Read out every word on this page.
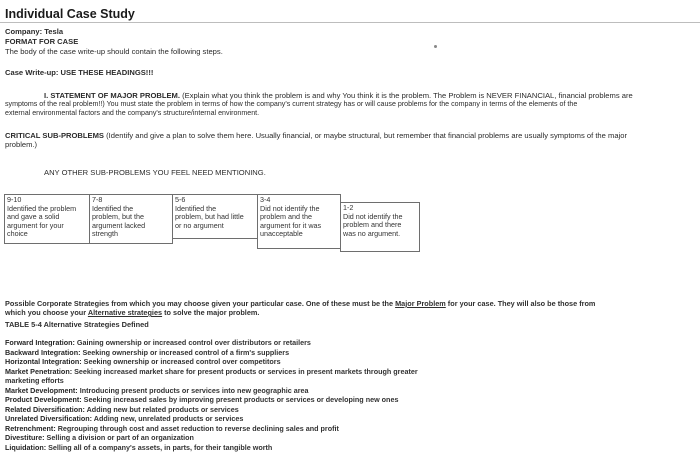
Individual Case Study
Company: Tesla
FORMAT FOR CASE
The body of the case write-up should contain the following steps.
Case Write-up: USE THESE HEADINGS!!!
I. STATEMENT OF MAJOR PROBLEM. (Explain what you think the problem is and why You think it is the problem. The Problem is NEVER FINANCIAL, financial problems are
symptoms of the real problem!!) You must state the problem in terms of how the company's current strategy has or will cause problems for the company in terms of the elements of the
external environmental factors and the company's structure/internal environment.
CRITICAL SUB-PROBLEMS (Identify and give a plan to solve them here. Usually financial, or maybe structural, but remember that financial problems are usually symptoms of the major
problem.)
ANY OTHER SUB-PROBLEMS YOU FEEL NEED MENTIONING.
9-10
Identified the problem
and gave a solid
argument for your
choice
7-8
Identified the
problem, but the
argument lacked
strength
5-6
Identified the
problem, but had little
or no argument
3-4
Did not identify the
problem and the
argument for it was
unacceptable
1-2
Did not identify the
problem and there
was no argument.
Possible Corporate Strategies from which you may choose given your particular case. One of these must be the Major Problem for your case. They will also be those from
which you choose your Alternative strategies to solve the major problem.
TABLE 5-4 Alternative Strategies Defined
Forward Integration: Gaining ownership or increased control over distributors or retailers
Backward Integration: Seeking ownership or increased control of a firm's suppliers
Horizontal Integration: Seeking ownership or increased control over competitors
Market Penetration: Seeking increased market share for present products or services in present markets through greater
marketing efforts
Market Development: Introducing present products or services into new geographic area
Product Development: Seeking increased sales by improving present products or services or developing new ones
Related Diversification: Adding new but related products or services
Unrelated Diversification: Adding new, unrelated products or services
Retrenchment: Regrouping through cost and asset reduction to reverse declining sales and profit
Divestiture: Selling a division or part of an organization
Liquidation: Selling all of a company's assets, in parts, for their tangible worth
